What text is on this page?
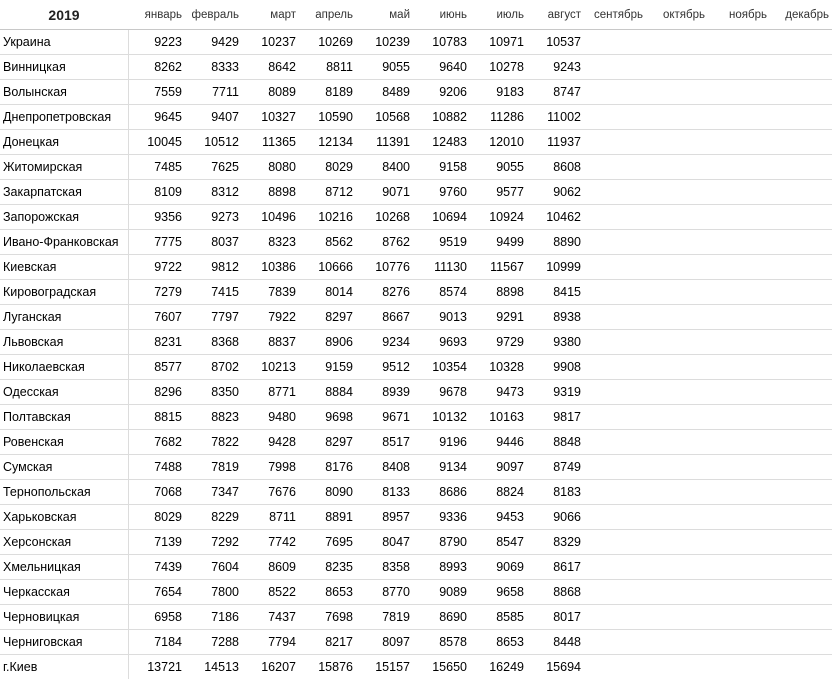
2019	январь	февраль	март	апрель	май	июнь	июль	август	сентябрь	октябрь	ноябрь	декабрь
Украина	9223	9429	10237	10269	10239	10783	10971	10537				
Винницкая	8262	8333	8642	8811	9055	9640	10278	9243				
Волынская	7559	7711	8089	8189	8489	9206	9183	8747				
Днепропетровская	9645	9407	10327	10590	10568	10882	11286	11002				
Донецкая	10045	10512	11365	12134	11391	12483	12010	11937				
Житомирская	7485	7625	8080	8029	8400	9158	9055	8608				
Закарпатская	8109	8312	8898	8712	9071	9760	9577	9062				
Запорожская	9356	9273	10496	10216	10268	10694	10924	10462				
Ивано-Франковская	7775	8037	8323	8562	8762	9519	9499	8890				
Киевская	9722	9812	10386	10666	10776	11130	11567	10999				
Кировоградская	7279	7415	7839	8014	8276	8574	8898	8415				
Луганская	7607	7797	7922	8297	8667	9013	9291	8938				
Львовская	8231	8368	8837	8906	9234	9693	9729	9380				
Николаевская	8577	8702	10213	9159	9512	10354	10328	9908				
Одесская	8296	8350	8771	8884	8939	9678	9473	9319				
Полтавская	8815	8823	9480	9698	9671	10132	10163	9817				
Ровенская	7682	7822	9428	8297	8517	9196	9446	8848				
Сумская	7488	7819	7998	8176	8408	9134	9097	8749				
Тернопольская	7068	7347	7676	8090	8133	8686	8824	8183				
Харьковская	8029	8229	8711	8891	8957	9336	9453	9066				
Херсонская	7139	7292	7742	7695	8047	8790	8547	8329				
Хмельницкая	7439	7604	8609	8235	8358	8993	9069	8617				
Черкасская	7654	7800	8522	8653	8770	9089	9658	8868				
Черновицкая	6958	7186	7437	7698	7819	8690	8585	8017				
Черниговская	7184	7288	7794	8217	8097	8578	8653	8448				
г.Киев	13721	14513	16207	15876	15157	15650	16249	15694				
